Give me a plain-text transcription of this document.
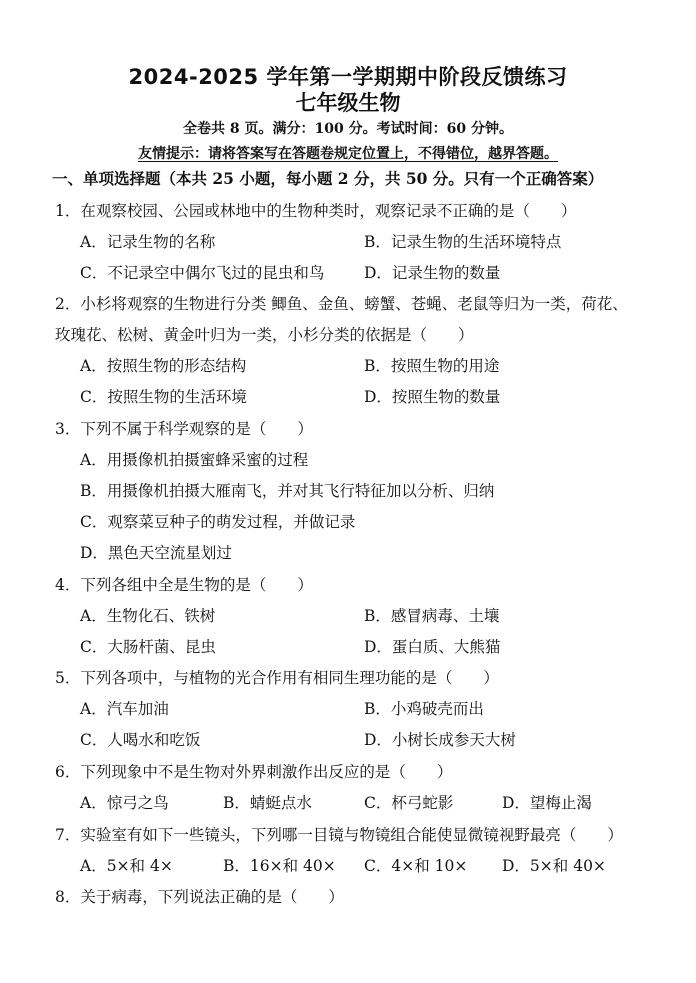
2024-2025 学年第一学期期中阶段反馈练习
七年级生物
全卷共 8 页。满分：100 分。考试时间：60 分钟。
友情提示：请将答案写在答题卷规定位置上，不得错位，越界答题。
一、单项选择题（本共 25 小题，每小题 2 分，共 50 分。只有一个正确答案）
1．在观察校园、公园或林地中的生物种类时，观察记录不正确的是（　　）
A．记录生物的名称	B．记录生物的生活环境特点
C．不记录空中偶尔飞过的昆虫和鸟	D．记录生物的数量
2．小杉将观察的生物进行分类 鲫鱼、金鱼、螃蟹、苍蝇、老鼠等归为一类，荷花、
玫瑰花、松树、黄金叶归为一类，小杉分类的依据是（　　）
A．按照生物的形态结构	B．按照生物的用途
C．按照生物的生活环境	D．按照生物的数量
3．下列不属于科学观察的是（　　）
A．用摄像机拍摄蜜蜂采蜜的过程
B．用摄像机拍摄大雁南飞，并对其飞行特征加以分析、归纳
C．观察菜豆种子的萌发过程，并做记录
D．黑色天空流星划过
4．下列各组中全是生物的是（　　）
A．生物化石、铁树	B．感冒病毒、土壤
C．大肠杆菌、昆虫	D．蛋白质、大熊猫
5．下列各项中，与植物的光合作用有相同生理功能的是（　　）
A．汽车加油	B．小鸡破壳而出
C．人喝水和吃饭	D．小树长成参天大树
6．下列现象中不是生物对外界刺激作出反应的是（　　）
A．惊弓之鸟	B．蜻蜓点水	C．杯弓蛇影	D．望梅止渴
7．实验室有如下一些镜头，下列哪一目镜与物镜组合能使显微镜视野最亮（　　）
A．5×和 4×	B．16×和 40× C．4×和 10× D．5×和 40×
8．关于病毒，下列说法正确的是（　　）
